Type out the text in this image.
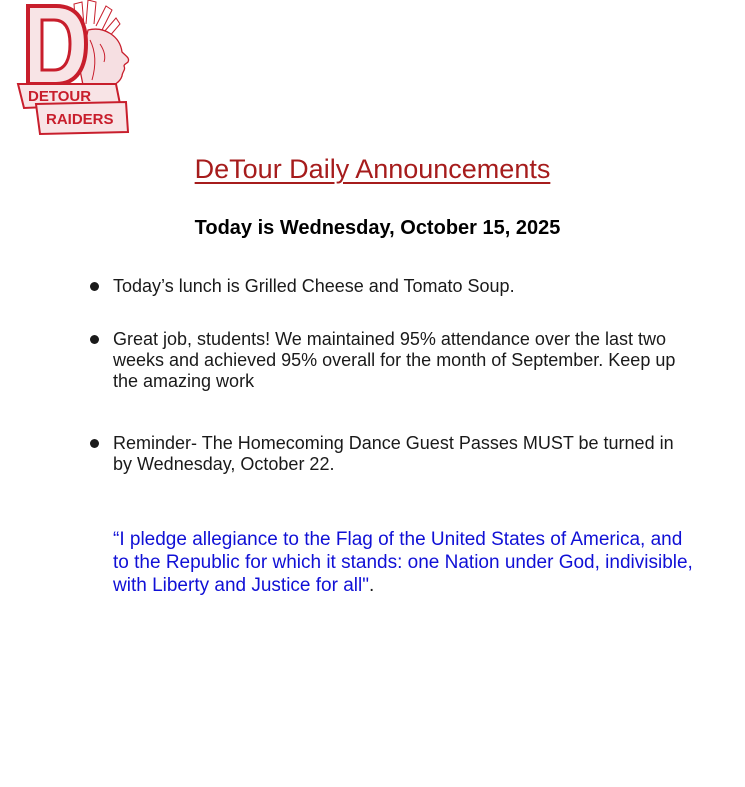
DETOUR
RAIDERS
DeTour Daily Announcements
Today is Wednesday, October 15, 2025
Today’s lunch is Grilled Cheese and Tomato Soup.
Great job, students! We maintained 95% attendance over the last two weeks and achieved 95% overall for the month of September. Keep up the amazing work
Reminder- The Homecoming Dance Guest Passes MUST be turned in by Wednesday, October 22.
“I pledge allegiance to the Flag of the United States of America, and to the Republic for which it stands: one Nation under God, indivisible, with Liberty and Justice for all".
